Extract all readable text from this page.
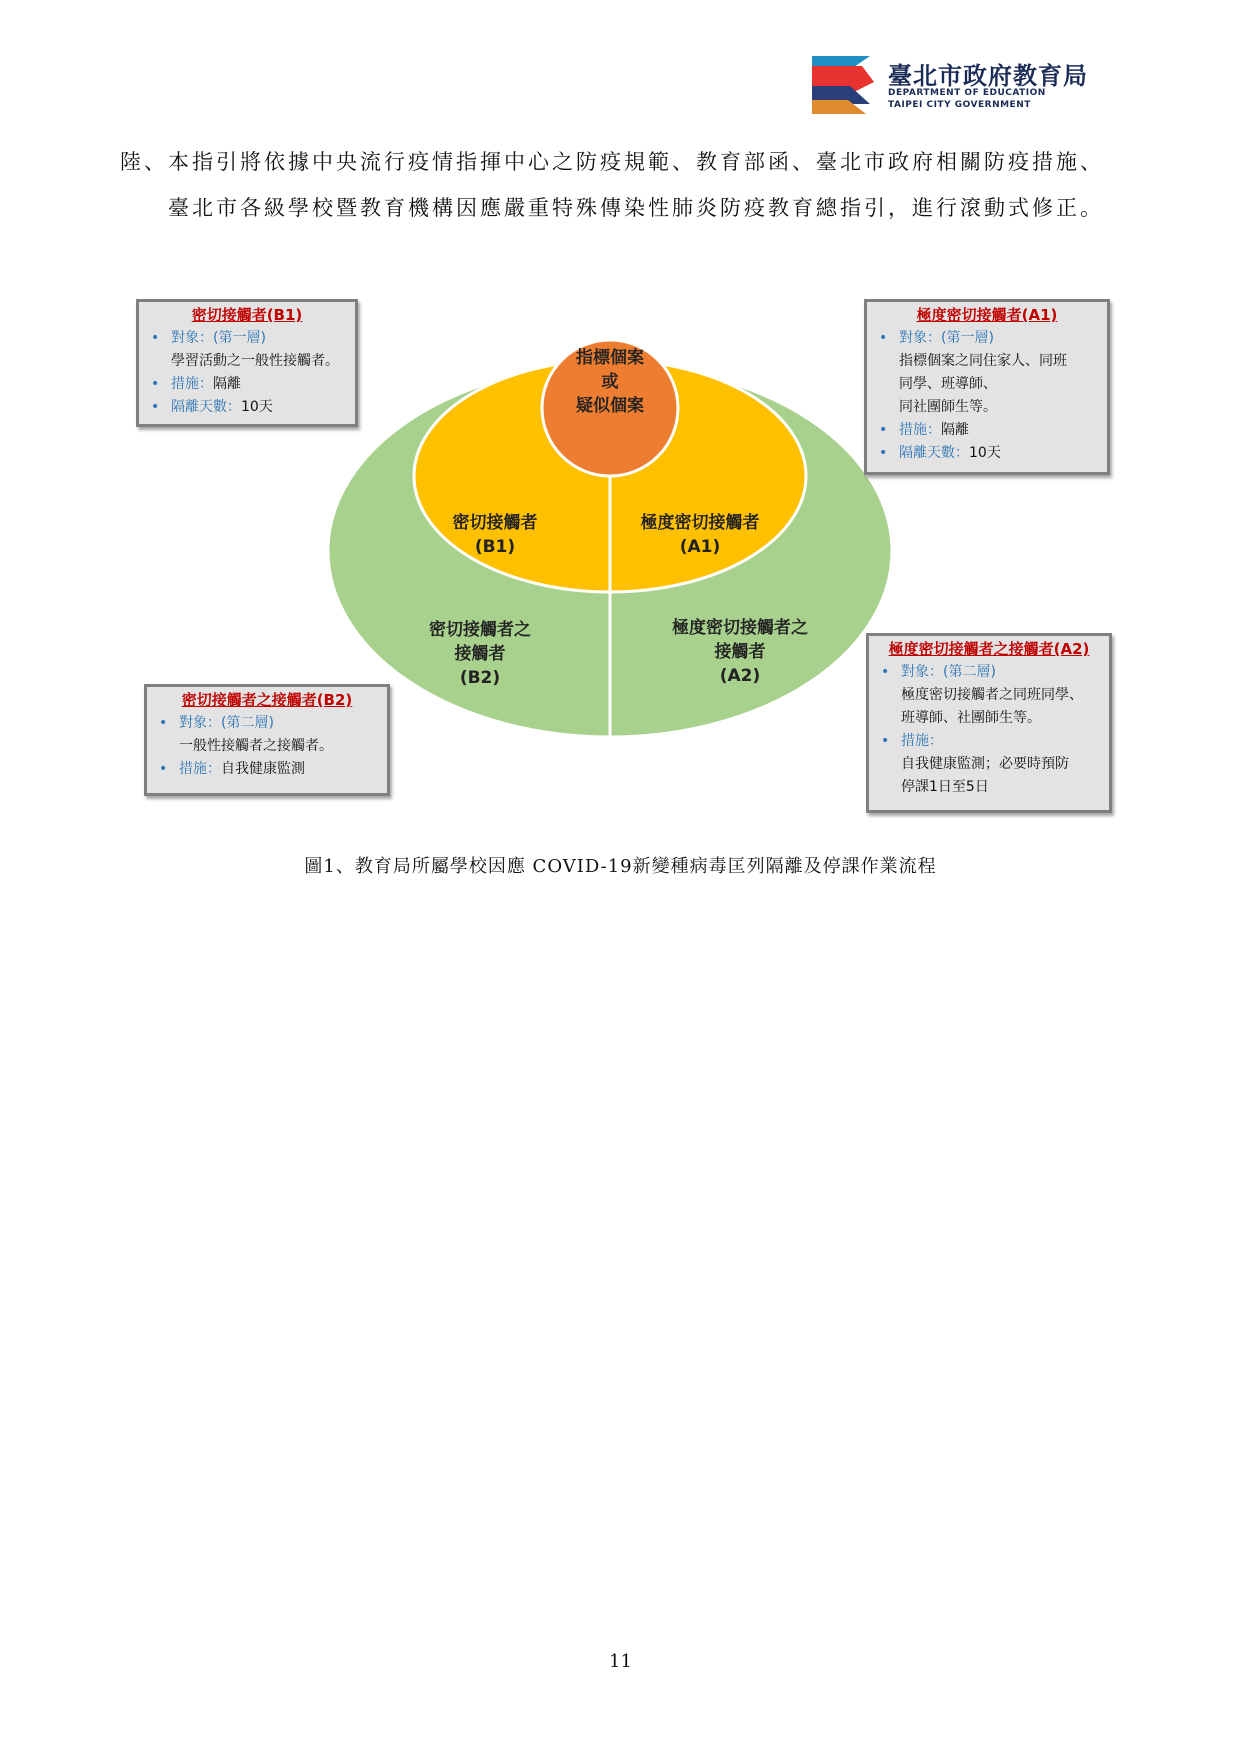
臺北市政府教育局
DEPARTMENT OF EDUCATION
TAIPEI CITY GOVERNMENT
陸、本指引將依據中央流行疫情指揮中心之防疫規範、教育部函、臺北市政府相關防疫措施、
臺北市各級學校暨教育機構因應嚴重特殊傳染性肺炎防疫教育總指引，進行滾動式修正。
指標個案
或
疑似個案
密切接觸者
(B1)
極度密切接觸者
(A1)
密切接觸者之
接觸者
(B2)
極度密切接觸者之
接觸者
(A2)
密切接觸者(B1)
• 對象：(第一層)
學習活動之一般性接觸者。
• 措施：隔離
• 隔離天數：10天
極度密切接觸者(A1)
• 對象：(第一層)
指標個案之同住家人、同班
同學、班導師、
同社團師生等。
• 措施：隔離
• 隔離天數：10天
密切接觸者之接觸者(B2)
• 對象：(第二層)
一般性接觸者之接觸者。
• 措施：自我健康監測
極度密切接觸者之接觸者(A2)
• 對象：(第二層)
極度密切接觸者之同班同學、
班導師、社團師生等。
• 措施：
自我健康監測；必要時預防
停課1日至5日
圖1、教育局所屬學校因應 COVID-19新變種病毒匡列隔離及停課作業流程
11
